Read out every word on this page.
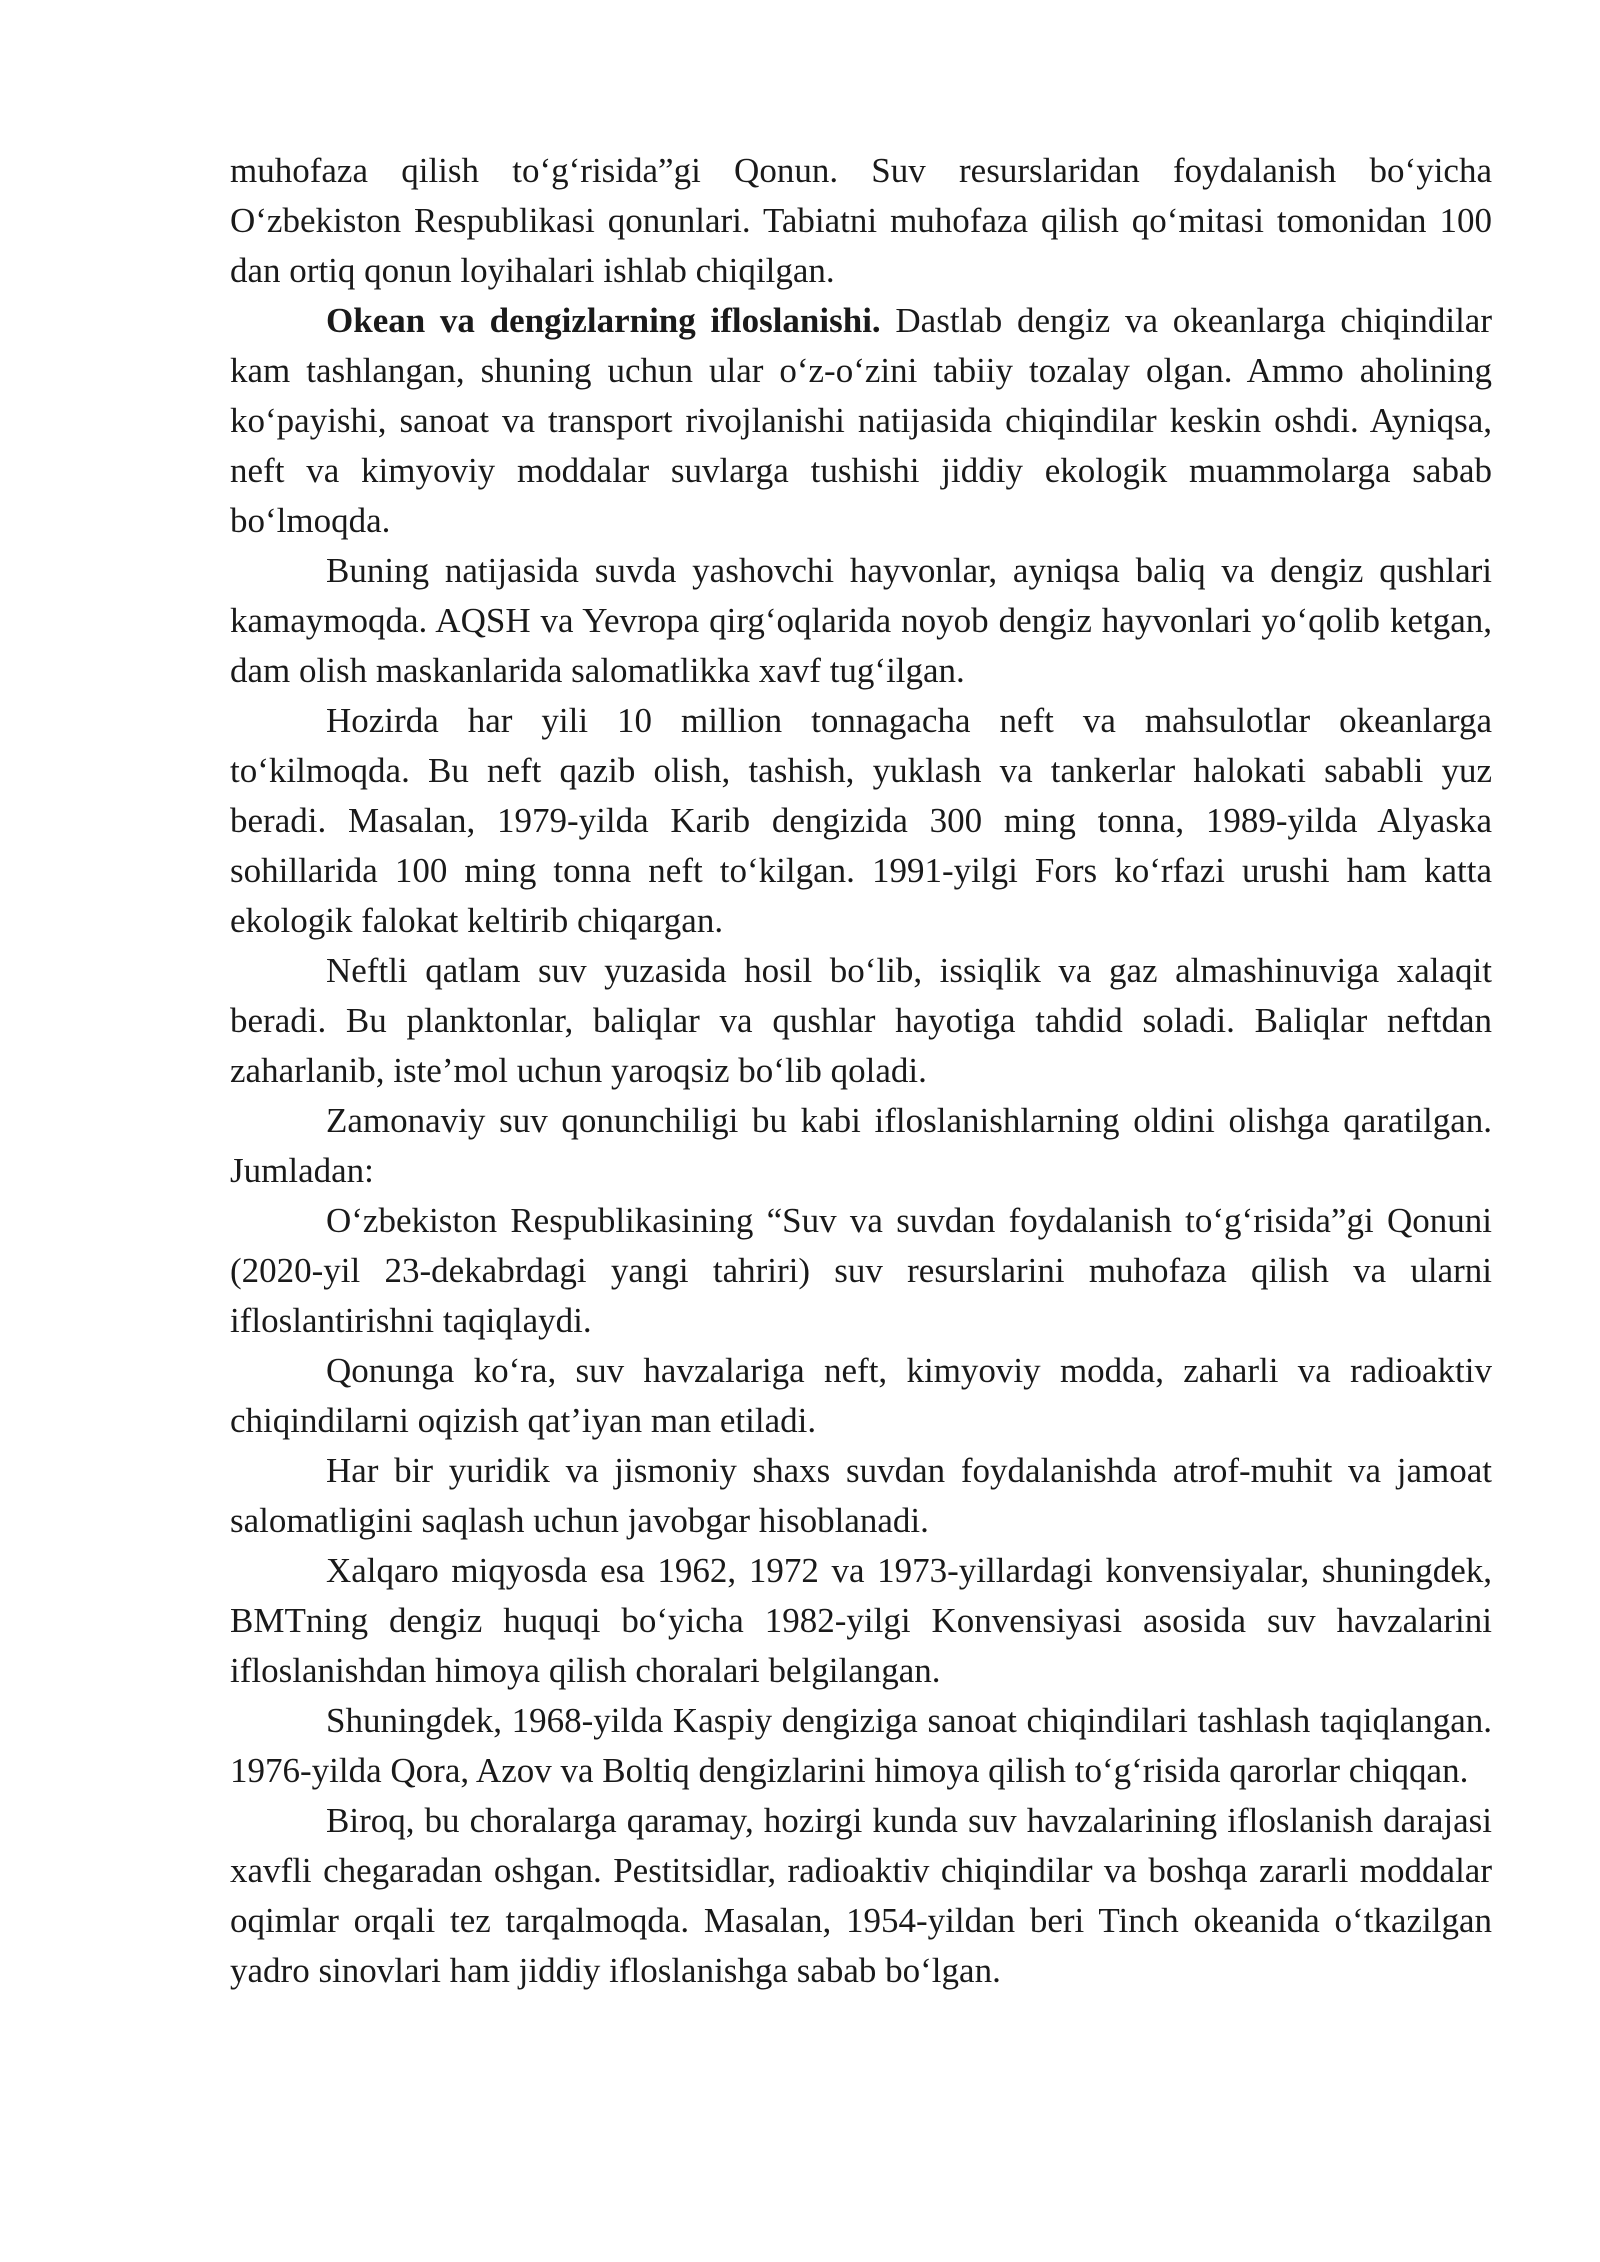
muhofaza qilish to‘g‘risida”gi Qonun. Suv resurslaridan foydalanish bo‘yicha O‘zbekiston Respublikasi qonunlari. Tabiatni muhofaza qilish qo‘mitasi tomonidan 100 dan ortiq qonun loyihalari ishlab chiqilgan.

Okean va dengizlarning ifloslanishi. Dastlab dengiz va okeanlarga chiqindilar kam tashlangan, shuning uchun ular o‘z-o‘zini tabiiy tozalay olgan. Ammo aholining ko‘payishi, sanoat va transport rivojlanishi natijasida chiqindilar keskin oshdi. Ayniqsa, neft va kimyoviy moddalar suvlarga tushishi jiddiy ekologik muammolarga sabab bo‘lmoqda.

Buning natijasida suvda yashovchi hayvonlar, ayniqsa baliq va dengiz qushlari kamaymoqda. AQSH va Yevropa qirg‘oqlarida noyob dengiz hayvonlari yo‘qolib ketgan, dam olish maskanlarida salomatlikka xavf tug‘ilgan.

Hozirda har yili 10 million tonnagacha neft va mahsulotlar okeanlarga to‘kilmoqda. Bu neft qazib olish, tashish, yuklash va tankerlar halokati sababli yuz beradi. Masalan, 1979-yilda Karib dengizida 300 ming tonna, 1989-yilda Alyaska sohillarida 100 ming tonna neft to‘kilgan. 1991-yilgi Fors ko‘rfazi urushi ham katta ekologik falokat keltirib chiqargan.

Neftli qatlam suv yuzasida hosil bo‘lib, issiqlik va gaz almashinuviga xalaqit beradi. Bu planktonlar, baliqlar va qushlar hayotiga tahdid soladi. Baliqlar neftdan zaharlanib, iste’mol uchun yaroqsiz bo‘lib qoladi.

Zamonaviy suv qonunchiligi bu kabi ifloslanishlarning oldini olishga qaratilgan. Jumladan:

O‘zbekiston Respublikasining “Suv va suvdan foydalanish to‘g‘risida”gi Qonuni (2020-yil 23-dekabrdagi yangi tahriri) suv resurslarini muhofaza qilish va ularni ifloslantirishni taqiqlaydi.

Qonunga ko‘ra, suv havzalariga neft, kimyoviy modda, zaharli va radioaktiv chiqindilarni oqizish qat’iyan man etiladi.

Har bir yuridik va jismoniy shaxs suvdan foydalanishda atrof-muhit va jamoat salomatligini saqlash uchun javobgar hisoblanadi.

Xalqaro miqyosda esa 1962, 1972 va 1973-yillardagi konvensiyalar, shuningdek, BMTning dengiz huquqi bo‘yicha 1982-yilgi Konvensiyasi asosida suv havzalarini ifloslanishdan himoya qilish choralari belgilangan.

Shuningdek, 1968-yilda Kaspiy dengiziga sanoat chiqindilari tashlash taqiqlangan. 1976-yilda Qora, Azov va Boltiq dengizlarini himoya qilish to‘g‘risida qarorlar chiqqan.

Biroq, bu choralarga qaramay, hozirgi kunda suv havzalarining ifloslanish darajasi xavfli chegaradan oshgan. Pestitsidlar, radioaktiv chiqindilar va boshqa zararli moddalar oqimlar orqali tez tarqalmoqda. Masalan, 1954-yildan beri Tinch okeanida o‘tkazilgan yadro sinovlari ham jiddiy ifloslanishga sabab bo‘lgan.
